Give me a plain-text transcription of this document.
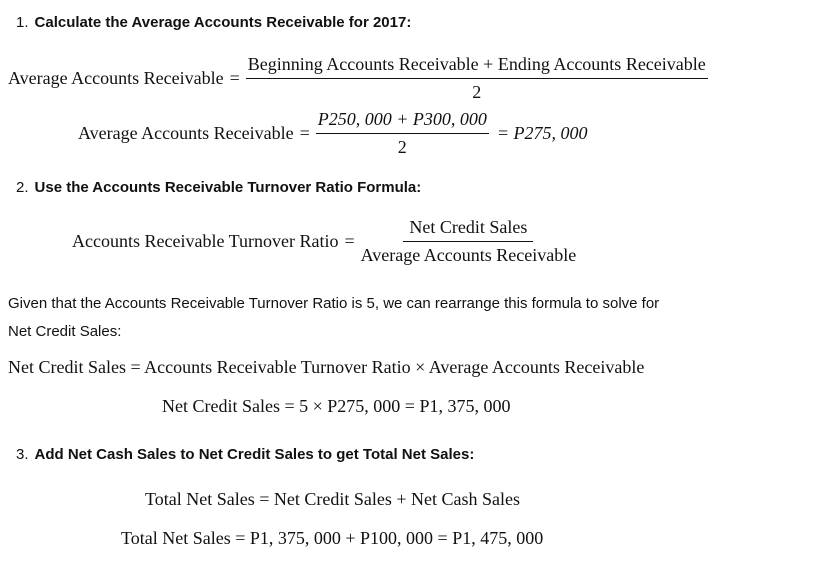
1. Calculate the Average Accounts Receivable for 2017:
Average Accounts Receivable = $\frac{\text{Beginning Accounts Receivable + Ending Accounts Receivable}}{2}$
Average Accounts Receivable = $\frac{P250, 000 + P300, 000}{2} = P275$, 000
2. Use the Accounts Receivable Turnover Ratio Formula:
Accounts Receivable Turnover Ratio = $\frac{\text{Net Credit Sales}}{\text{Average Accounts Receivable}}$
Given that the Accounts Receivable Turnover Ratio is 5, we can rearrange this formula to solve for
Net Credit Sales:
Net Credit Sales = Accounts Receivable Turnover Ratio × Average Accounts Receivable
Net Credit Sales = 5 × P275, 000 = P1, 375, 000
3. Add Net Cash Sales to Net Credit Sales to get Total Net Sales:
Total Net Sales = Net Credit Sales + Net Cash Sales
Total Net Sales = P1, 375, 000 + P100, 000 = P1, 475, 000
